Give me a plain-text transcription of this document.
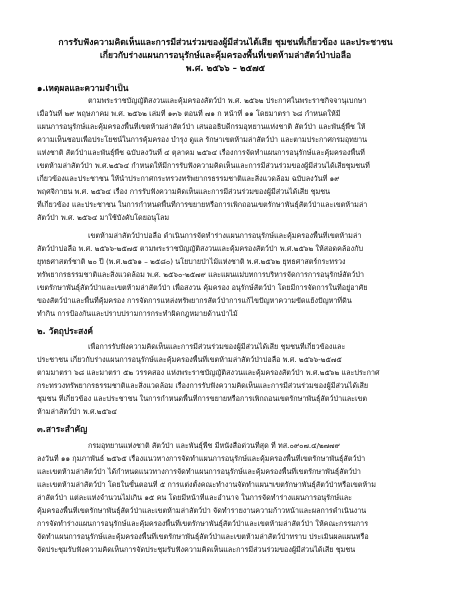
การรับฟังความคิดเห็นและการมีส่วนร่วมของผู้มีส่วนได้เสีย ชุมชนที่เกี่ยวข้อง และประชาชน
เกี่ยวกับร่างแผนการอนุรักษ์และคุ้มครองพื้นที่เขตห้ามล่าสัตว์ป่าบ่อลือ
พ.ศ. ๒๕๖๖ – ๒๕๗๕
๑.เหตุผลและความจำเป็น
ตามพระราชบัญญัติสงวนและคุ้มครองสัตว์ป่า พ.ศ. ๒๕๖๒ ประกาศในพระราชกิจจานุเบกษา
เมื่อวันที่ ๒๙ พฤษภาคม พ.ศ. ๒๕๖๒ เล่มที่ ๑๓๖ ตอนที่ ๗๑ ก หน้าที่ ๑๑ โดยมาตรา ๖๘ กำหนดให้มี
แผนการอนุรักษ์และคุ้มครองพื้นที่เขตห้ามล่าสัตว์ป่า เสนออธิบดีกรมอุทยานแห่งชาติ สัตว์ป่า และพันธุ์พืช ให้
ความเห็นชอบเพื่อประโยชน์ในการคุ้มครอง บำรุง ดูแล รักษาเขตห้ามล่าสัตว์ป่า และตามประกาศกรมอุทยาน
แห่งชาติ สัตว์ป่าและพันธุ์พืช ฉบับลงวันที่ ๔ ตุลาคม ๒๕๖๔ เรื่องการจัดทำแผนการอนุรักษ์และคุ้มครองพื้นที่
เขตห้ามล่าสัตว์ป่า พ.ศ.๒๕๖๔ กำหนดให้มีการรับฟังความคิดเห็นและการมีส่วนร่วมของผู้มีส่วนได้เสียชุมชนที่
เกี่ยวข้องและประชาชน ให้นำประกาศกระทรวงทรัพยากรธรรมชาติและสิ่งแวดล้อม ฉบับลงวันที่ ๑๙
พฤศจิกายน พ.ศ. ๒๕๖๔ เรื่อง การรับฟังความคิดเห็นและการมีส่วนร่วมของผู้มีส่วนได้เสีย ชุมชน
ที่เกี่ยวข้อง และประชาชน ในการกำหนดพื้นที่การขยายหรือการเพิกถอนเขตรักษาพันธุ์สัตว์ป่าและเขตห้ามล่า
สัตว์ป่า พ.ศ. ๒๕๖๔ มาใช้บังคับโดยอนุโลม
เขตห้ามล่าสัตว์ป่าบ่อลือ ดำเนินการจัดทำร่างแผนการอนุรักษ์และคุ้มครองพื้นที่เขตห้ามล่า
สัตว์ป่าบ่อลือ พ.ศ. ๒๕๖๖-๒๕๗๕ ตามพระราชบัญญัติสงวนและคุ้มครองสัตว์ป่า พ.ศ.๒๕๖๒ ให้สอดคล้องกับ
ยุทธศาสตร์ชาติ ๒๐ ปี (พ.ศ.๒๕๖๑ – ๒๕๘๐) นโยบายป่าไม้แห่งชาติ พ.ศ.๒๕๖๒ ยุทธศาสตร์กระทรวง
ทรัพยากรธรรมชาติและสิ่งแวดล้อม พ.ศ. ๒๕๖๐-๒๕๗๙ และแผนแม่บทการบริหารจัดการการอนุรักษ์สัตว์ป่า
เขตรักษาพันธุ์สัตว์ป่าและเขตห้ามล่าสัตว์ป่า เพื่อสงวน คุ้มครอง อนุรักษ์สัตว์ป่า โดยมีการจัดการในที่อยู่อาศัย
ของสัตว์ป่าและพื้นที่คุ้มครอง การจัดการแหล่งทรัพยากรสัตว์ป่าการแก้ไขปัญหาความขัดแย้งปัญหาที่ดิน
ทำกิน การป้องกันและปราบปรามการกระทำผิดกฎหมายด้านป่าไม้
๒. วัตถุประสงค์
เพื่อการรับฟังความคิดเห็นและการมีส่วนร่วมของผู้มีส่วนได้เสีย ชุมชนที่เกี่ยวข้องและ
ประชาชน เกี่ยวกับร่างแผนการอนุรักษ์และคุ้มครองพื้นที่เขตห้ามล่าสัตว์ป่าบ่อลือ พ.ศ. ๒๕๖๖-๒๕๗๕
ตามมาตรา ๖๘ และมาตรา ๕๒ วรรคสอง แห่งพระราชบัญญัติสงวนและคุ้มครองสัตว์ป่า พ.ศ.๒๕๖๒ และประกาศ
กระทรวงทรัพยากรธรรมชาติและสิ่งแวดล้อม เรื่องการรับฟังความคิดเห็นและการมีส่วนร่วมของผู้มีส่วนได้เสีย
ชุมชน ที่เกี่ยวข้อง และประชาชน ในการกำหนดพื้นที่การขยายหรือการเพิกถอนเขตรักษาพันธุ์สัตว์ป่าและเขต
ห้ามล่าสัตว์ป่า พ.ศ.๒๕๖๔
๓.สาระสำคัญ
กรมอุทยานแห่งชาติ สัตว์ป่า และพันธุ์พืช มีหนังสือด่วนที่สุด ที่ ทส.๐๙๐๗.๔/๒๗๗๙
ลงวันที่ ๑๑ กุมภาพันธ์ ๒๕๖๕ เรื่องแนวทางการจัดทำแผนการอนุรักษ์และคุ้มครองพื้นที่เขตรักษาพันธุ์สัตว์ป่า
และเขตห้ามล่าสัตว์ป่า ได้กำหนดแนวทางการจัดทำแผนการอนุรักษ์และคุ้มครองพื้นที่เขตรักษาพันธุ์สัตว์ป่า
และเขตห้ามล่าสัตว์ป่า โดยในขั้นตอนที่ ๕ การแต่งตั้งคณะทำงานจัดทำแผนฯเขตรักษาพันธุ์สัตว์ป่าหรือเขตห้าม
ล่าสัตว์ป่า แต่ละแห่งจำนวนไม่เกิน ๑๕ คน โดยมีหน้าที่และอำนาจ ในการจัดทำร่างแผนการอนุรักษ์และ
คุ้มครองพื้นที่เขตรักษาพันธุ์สัตว์ป่าและเขตห้ามล่าสัตว์ป่า จัดทำรายงานความก้าวหน้าและผลการดำเนินงาน
การจัดทำร่างแผนการอนุรักษ์และคุ้มครองพื้นที่เขตรักษาพันธุ์สัตว์ป่าและเขตห้ามล่าสัตว์ป่า ให้คณะกรรมการ
จัดทำแผนการอนุรักษ์และคุ้มครองพื้นที่เขตรักษาพันธุ์สัตว์ป่าและเขตห้ามล่าสัตว์ป่าทราบ ประเมินผลแผนหรือ
จัดประชุมรับฟังความคิดเห็นการจัดประชุมรับฟังความคิดเห็นและการมีส่วนร่วมของผู้มีส่วนได้เสีย ชุมชน
